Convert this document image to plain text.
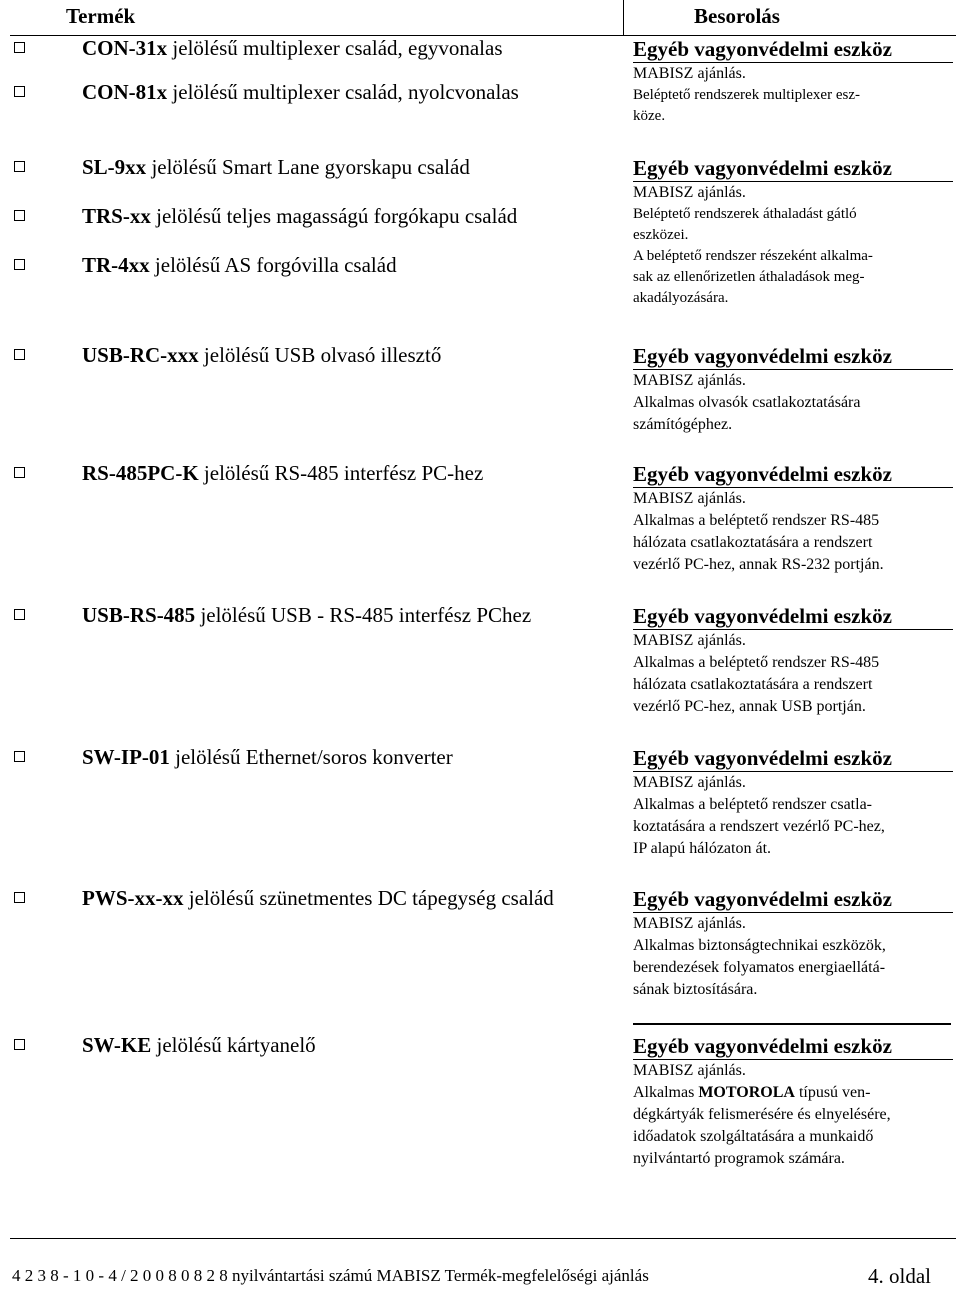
Termék	Besorolás
CON-31x jelölésű multiplexer család, egyvonalas
CON-81x jelölésű multiplexer család, nyolcvonalas
SL-9xx jelölésű Smart Lane gyorskapu család
TRS-xx jelölésű teljes magasságú forgókapu család
TR-4xx jelölésű AS forgóvilla család
USB-RC-xxx jelölésű USB olvasó illesztő
RS-485PC-K jelölésű RS-485 interfész PC-hez
USB-RS-485 jelölésű USB - RS-485 interfész PChez
SW-IP-01 jelölésű Ethernet/soros konverter
PWS-xx-xx jelölésű szünetmentes DC tápegység család
SW-KE jelölésű kártyanelő
Egyéb vagyonvédelmi eszköz
MABISZ ajánlás.
Beléptető rendszerek multiplexer esz-
köze.
Egyéb vagyonvédelmi eszköz
MABISZ ajánlás.
Beléptető rendszerek áthaladást gátló
eszközei.
A beléptető rendszer részeként alkalma-
sak az ellenőrizetlen áthaladások meg-
akadályozására.
Egyéb vagyonvédelmi eszköz
MABISZ ajánlás.
Alkalmas olvasók csatlakoztatására
számítógéphez.
Egyéb vagyonvédelmi eszköz
MABISZ ajánlás.
Alkalmas a beléptető rendszer RS-485
hálózata csatlakoztatására a rendszert
vezérlő PC-hez, annak RS-232 portján.
Egyéb vagyonvédelmi eszköz
MABISZ ajánlás.
Alkalmas a beléptető rendszer RS-485
hálózata csatlakoztatására a rendszert
vezérlő PC-hez, annak USB portján.
Egyéb vagyonvédelmi eszköz
MABISZ ajánlás.
Alkalmas a beléptető rendszer csatla-
koztatására a rendszert vezérlő PC-hez,
IP alapú hálózaton át.
Egyéb vagyonvédelmi eszköz
MABISZ ajánlás.
Alkalmas biztonságtechnikai eszközök,
berendezések folyamatos energiaellátá-
sának biztosítására.
Egyéb vagyonvédelmi eszköz
MABISZ ajánlás.
Alkalmas MOTOROLA típusú ven-
dégkártyák felismerésére és elnyelésére,
időadatok szolgáltatására a munkaidő
nyilvántartó programok számára.
4 2 3 8 - 1 0 - 4 / 2 0 0 8 0 8 2 8 nyilvántartási számú MABISZ Termék-megfelelőségi ajánlás	4. oldal
